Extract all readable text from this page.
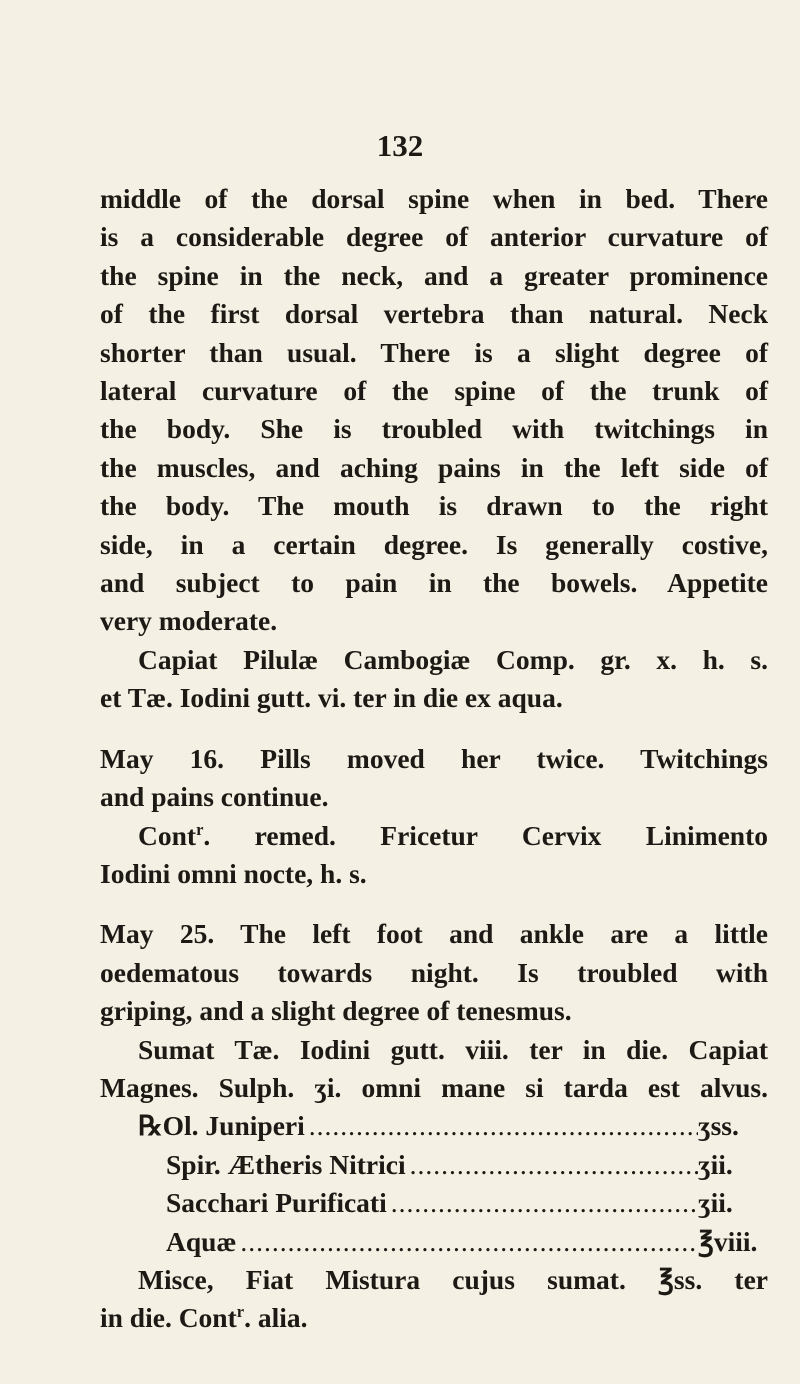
132

middle of the dorsal spine when in bed. There

is a considerable degree of anterior curvature of

the spine in the neck, and a greater prominence

of the first dorsal vertebra than natural. Neck

shorter than usual. There is a slight degree of

lateral curvature of the spine of the trunk of

the body. She is troubled with twitchings in

the muscles, and aching pains in the left side of

the body. The mouth is drawn to the right

side, in a certain degree. Is generally costive,

and subject to pain in the bowels. Appetite

very moderate.

Capiat Pilulæ Cambogiæ Comp. gr. x. h. s.

et Tæ. Iodini gutt. vi. ter in die ex aqua.

May 16. Pills moved her twice. Twitchings

and pains continue.

Cont$^r$. remed. Fricetur Cervix Linimento

Iodini omni nocte, h. s.

May 25. The left foot and ankle are a little

oedematous towards night. Is troubled with

griping, and a slight degree of tenesmus.

Sumat Tæ. Iodini gutt. viii. ter in die. Capiat

Magnes. Sulph. ʒi. omni mane si tarda est alvus.

℞ Ol. Juniperi .....	ʒss.
Spir. Ætheris Nitrici .....	ʒii.
Sacchari Purificati .....	ʒii.
Aquæ .....	℥viii.

Misce, Fiat Mistura cujus sumat. ℥ss. ter

in die. Cont$^r$. alia.
